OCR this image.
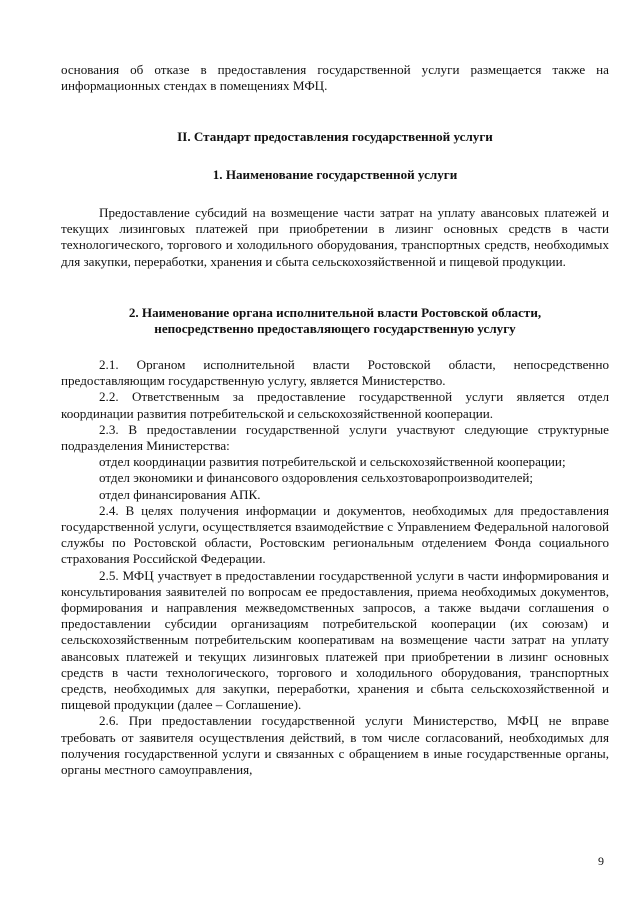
основания об отказе в предоставления государственной услуги размещается также на информационных стендах в помещениях МФЦ.

II. Стандарт предоставления государственной услуги

1. Наименование государственной услуги

Предоставление субсидий на возмещение части затрат на уплату авансовых платежей и текущих лизинговых платежей при приобретении в лизинг основных средств в части технологического, торгового и холодильного оборудования, транспортных средств, необходимых для закупки, переработки, хранения и сбыта сельскохозяйственной и пищевой продукции.

2. Наименование органа исполнительной власти Ростовской области,

непосредственно предоставляющего государственную услугу

2.1. Органом исполнительной власти Ростовской области, непосредственно предоставляющим государственную услугу, является Министерство.

2.2. Ответственным за предоставление государственной услуги является отдел координации развития потребительской и сельскохозяйственной кооперации.

2.3. В предоставлении государственной услуги участвуют следующие структурные подразделения Министерства:

отдел координации развития потребительской и сельскохозяйственной кооперации;

отдел экономики и финансового оздоровления сельхозтоваропроизводителей;

отдел финансирования АПК.

2.4. В целях получения информации и документов, необходимых для предоставления государственной услуги, осуществляется взаимодействие с Управлением Федеральной налоговой службы по Ростовской области, Ростовским региональным отделением Фонда социального страхования Российской Федерации.

2.5. МФЦ участвует в предоставлении государственной услуги в части информирования и консультирования заявителей по вопросам ее предоставления, приема необходимых документов, формирования и направления межведомственных запросов, а также выдачи соглашения о предоставлении субсидии организациям потребительской кооперации (их союзам) и сельскохозяйственным потребительским кооперативам на возмещение части затрат на уплату авансовых платежей и текущих лизинговых платежей при приобретении в лизинг основных средств в части технологического, торгового и холодильного оборудования, транспортных средств, необходимых для закупки, переработки, хранения и сбыта сельскохозяйственной и пищевой продукции (далее – Соглашение).

2.6. При предоставлении государственной услуги Министерство, МФЦ не вправе требовать от заявителя осуществления действий, в том числе согласований, необходимых для получения государственной услуги и связанных с обращением в иные государственные органы, органы местного самоуправления,

9
